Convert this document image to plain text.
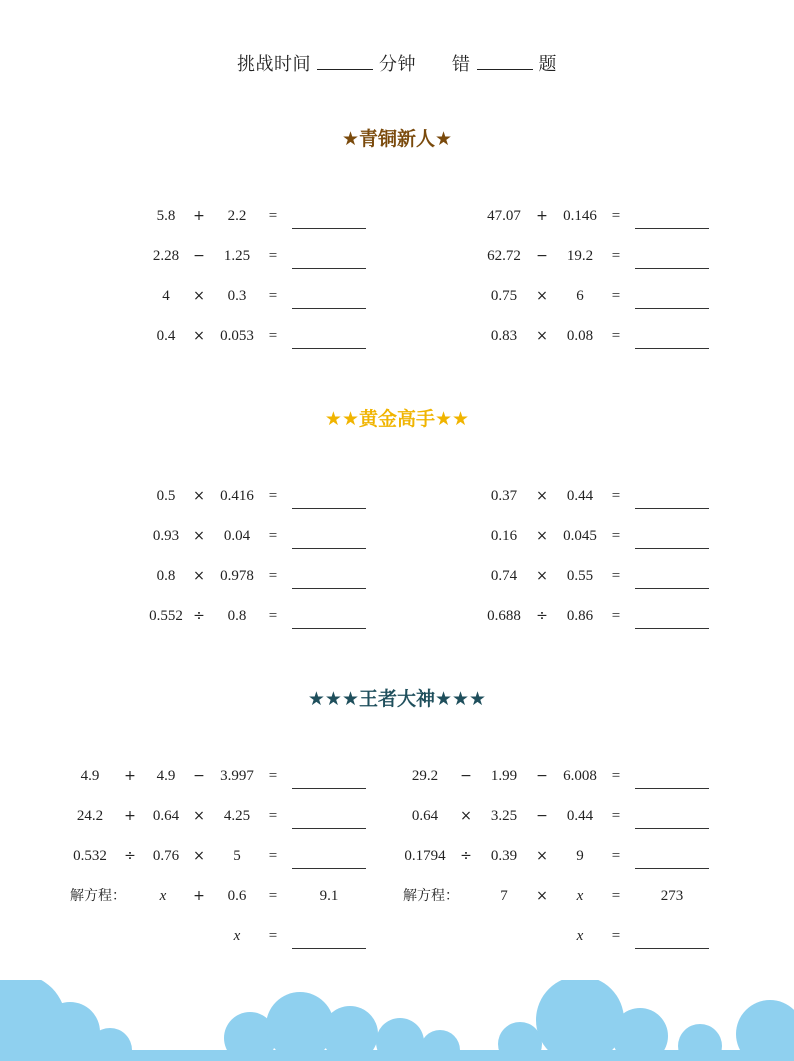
挑战时间	分钟 错	题
★青铜新人★
★★黄金高手★★
★★★王者大神★★★
5.8	+	2.2	=
2.28	−	1.25	=
4	×	0.3	=
0.4	×	0.053 =
47.07	+	0.146 =
62.72	−	19.2	=
0.75	×	6	=
0.83	×	0.08	=
0.5	×	0.416 =
0.93	×	0.04	=
0.8	×	0.978 =
0.552 ÷	0.8	=
0.37	×	0.44	=
0.16	×	0.045 =
0.74	×	0.55	=
0.688	÷	0.86	=
4.9	+	4.9	−	3.997 =
24.2	+	0.64	×	4.25	=
0.532	÷	0.76	×	5	=
29.2	−	1.99	−	6.008 =
0.64	×	3.25	−	0.44	=
0.1794	÷	0.39	×	9	=
解方程：	x	+	0.6	=	9.1
x	=
解方程：	7	×	x	=	273
x	=
